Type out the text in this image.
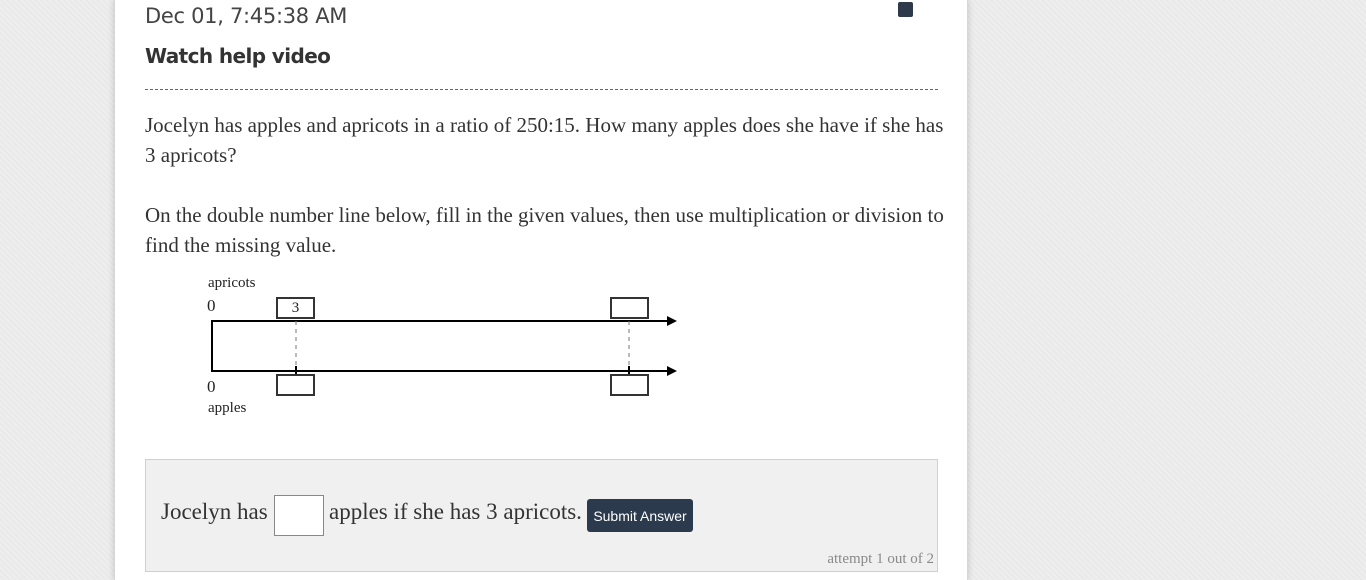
Dec 01, 7:45:38 AM
Watch help video
Jocelyn has apples and apricots in a ratio of 250:15. How many apples does she have if she has 3 apricots?
On the double number line below, fill in the given values, then use multiplication or division to find the missing value.
apricots
0
0
apples
3
Jocelyn has	apples if she has 3 apricots. Submit Answer
attempt 1 out of 2
